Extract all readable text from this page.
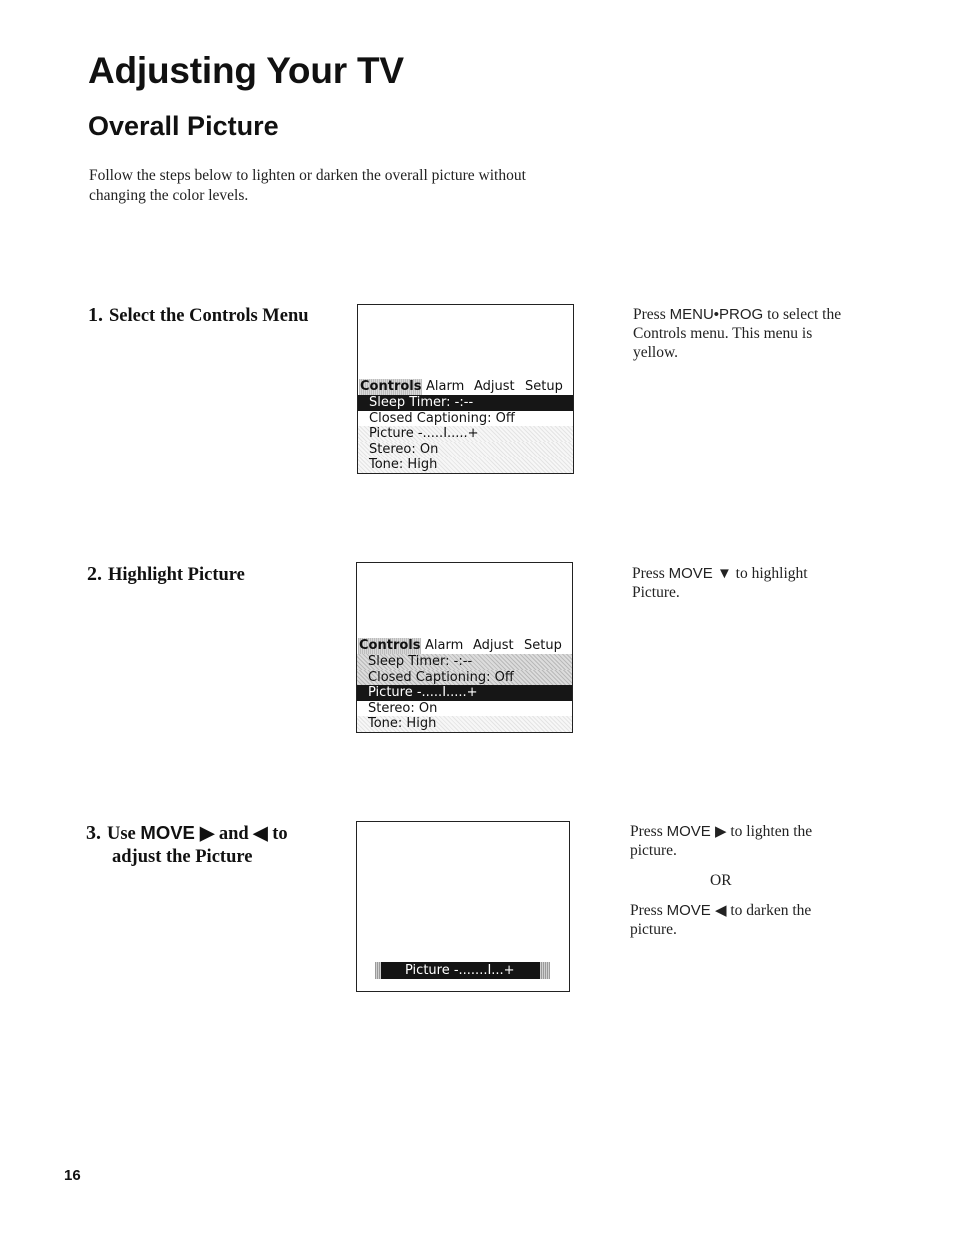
Adjusting Your TV
Overall Picture
Follow the steps below to lighten or darken the overall picture without
changing the color levels.
1. Select the Controls Menu

Controls

Alarm

Adjust

Setup

Sleep Timer: -:--
Closed Captioning: Off
Picture -.....I.....+
Stereo: On
Tone: High
Press MENU•PROG to select the
Controls menu. This menu is
yellow.
2. Highlight Picture

Controls

Alarm

Adjust

Setup

Sleep Timer: -:--
Closed Captioning: Off
Picture -.....I.....+
Stereo: On
Tone: High
Press MOVE ▼ to highlight
Picture.
3. Use MOVE ▶ and ◀ to
adjust the Picture
Picture -.......I...+
Press MOVE ▶ to lighten the
picture.
OR
Press MOVE ◀ to darken the
picture.
16
